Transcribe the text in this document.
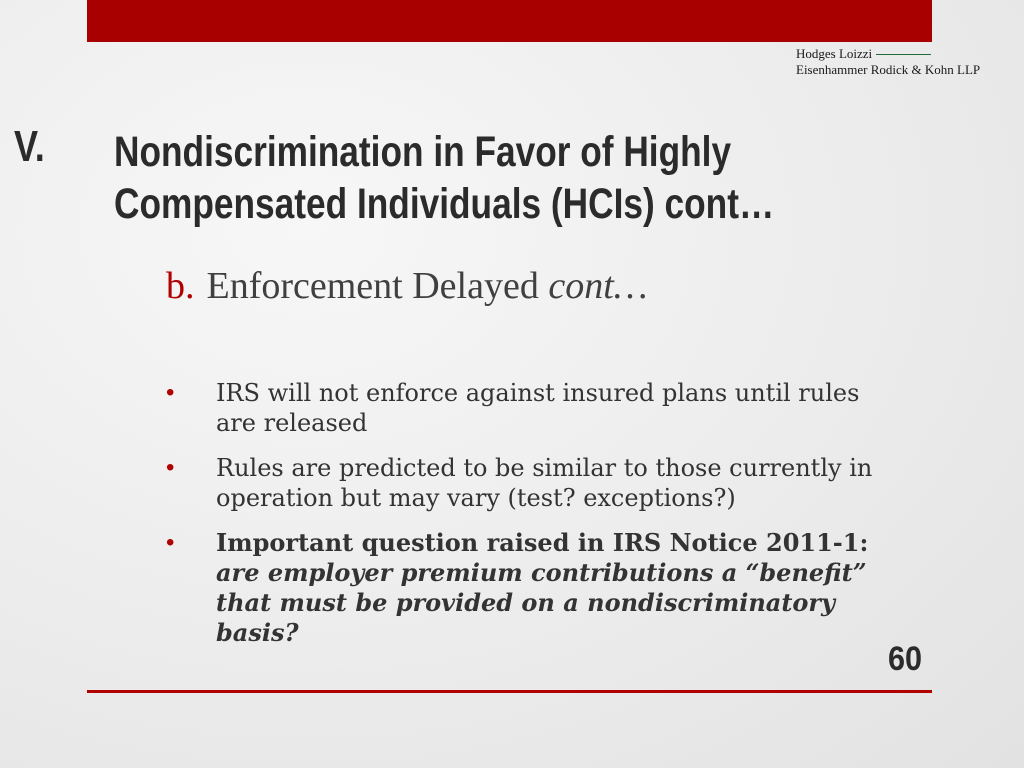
Hodges Loizzi
Eisenhammer Rodick & Kohn LLP
V. Nondiscrimination in Favor of Highly Compensated Individuals (HCIs) cont…
b. Enforcement Delayed cont…
• IRS will not enforce against insured plans until rules are released
• Rules are predicted to be similar to those currently in operation but may vary (test? exceptions?)
• Important question raised in IRS Notice 2011-1: are employer premium contributions a “benefit” that must be provided on a nondiscriminatory basis?
60
